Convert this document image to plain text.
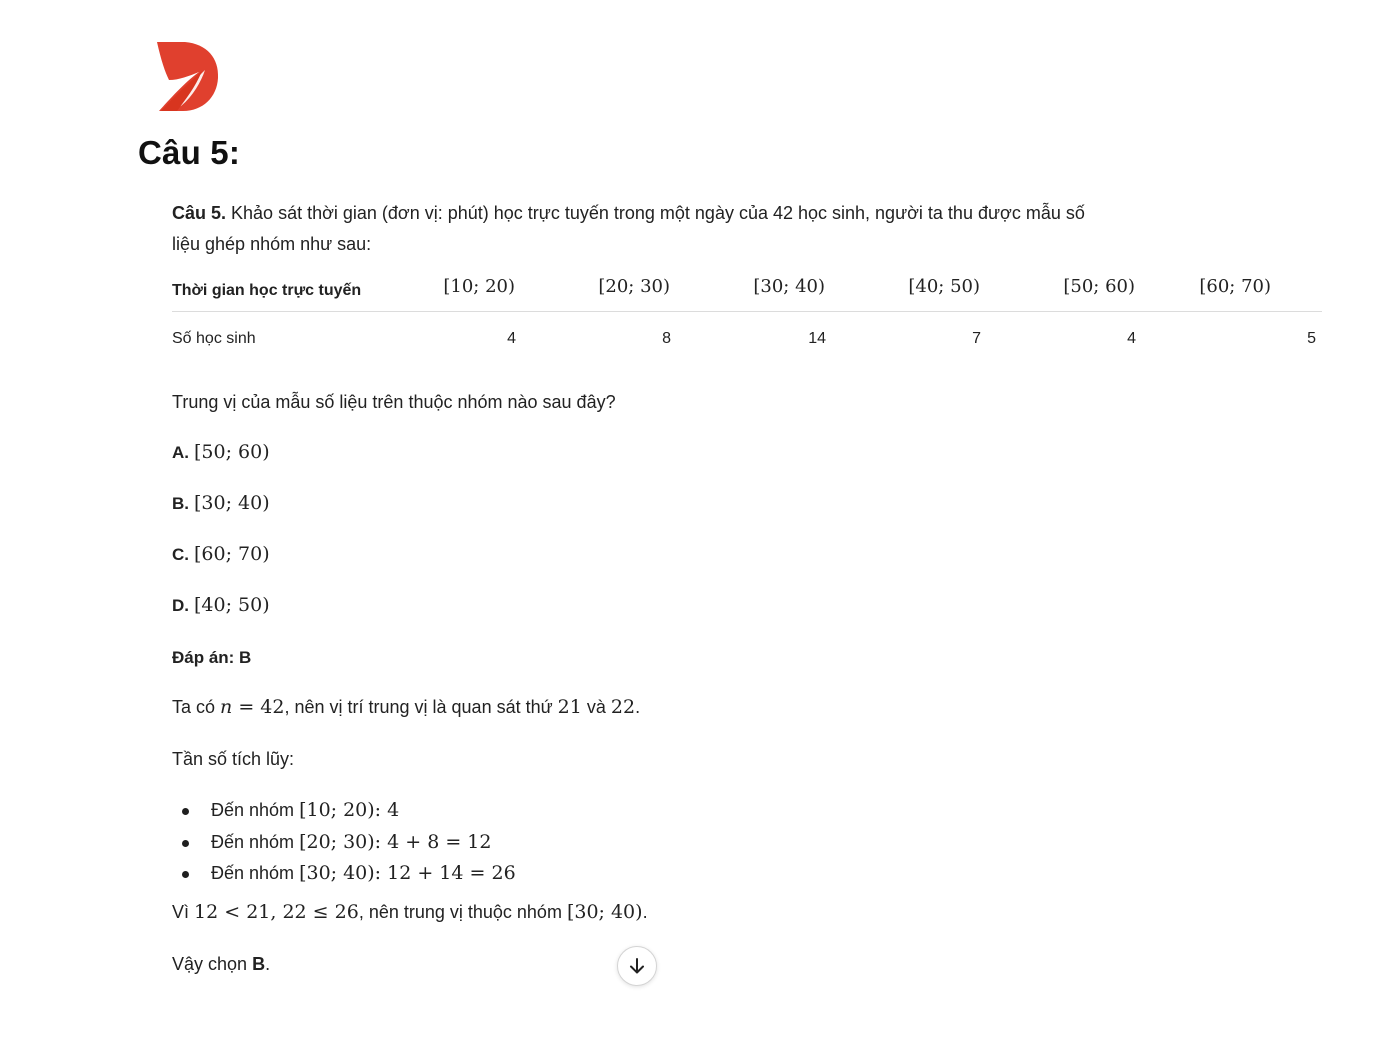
Câu 5:
Câu 5. Khảo sát thời gian (đơn vị: phút) học trực tuyến trong một ngày của 42 học sinh, người ta thu được mẫu số liệu ghép nhóm như sau:
Thời gian học trực tuyến	[10; 20)	[20; 30)	[30; 40)	[40; 50)	[50; 60)	[60; 70)
Số học sinh	4	8	14	7	4	5
Trung vị của mẫu số liệu trên thuộc nhóm nào sau đây?
A. [50; 60)
B. [30; 40)
C. [60; 70)
D. [40; 50)
Đáp án: B
Ta có n = 42, nên vị trí trung vị là quan sát thứ 21 và 22.
Tần số tích lũy:
Đến nhóm [10; 20): 4
Đến nhóm [20; 30): 4 + 8 = 12
Đến nhóm [30; 40): 12 + 14 = 26
Vì 12 < 21, 22 ≤ 26, nên trung vị thuộc nhóm [30; 40).
Vậy chọn B.
